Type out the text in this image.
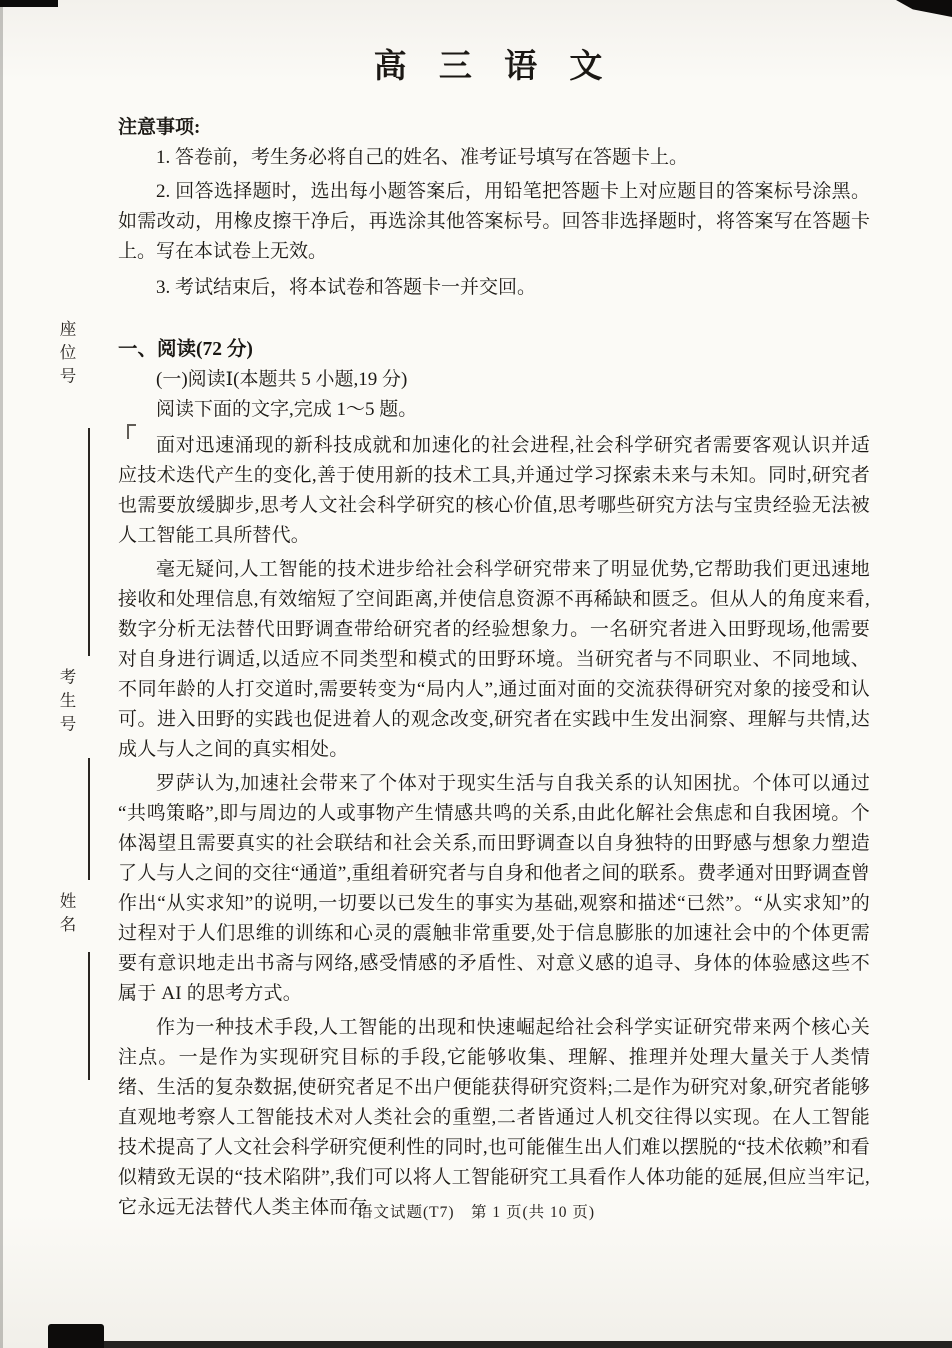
座位号
考生号
姓名
高 三 语 文

注意事项:

1. 答卷前，考生务必将自己的姓名、准考证号填写在答题卡上。

2. 回答选择题时，选出每小题答案后，用铅笔把答题卡上对应题目的答案标号涂黑。如需改动，用橡皮擦干净后，再选涂其他答案标号。回答非选择题时，将答案写在答题卡上。写在本试卷上无效。

3. 考试结束后，将本试卷和答题卡一并交回。

一、阅读(72 分)

(一)阅读Ⅰ(本题共 5 小题,19 分)

阅读下面的文字,完成 1～5 题。

面对迅速涌现的新科技成就和加速化的社会进程,社会科学研究者需要客观认识并适应技术迭代产生的变化,善于使用新的技术工具,并通过学习探索未来与未知。同时,研究者也需要放缓脚步,思考人文社会科学研究的核心价值,思考哪些研究方法与宝贵经验无法被人工智能工具所替代。

毫无疑问,人工智能的技术进步给社会科学研究带来了明显优势,它帮助我们更迅速地接收和处理信息,有效缩短了空间距离,并使信息资源不再稀缺和匮乏。但从人的角度来看,数字分析无法替代田野调查带给研究者的经验想象力。一名研究者进入田野现场,他需要对自身进行调适,以适应不同类型和模式的田野环境。当研究者与不同职业、不同地域、不同年龄的人打交道时,需要转变为“局内人”,通过面对面的交流获得研究对象的接受和认可。进入田野的实践也促进着人的观念改变,研究者在实践中生发出洞察、理解与共情,达成人与人之间的真实相处。

罗萨认为,加速社会带来了个体对于现实生活与自我关系的认知困扰。个体可以通过“共鸣策略”,即与周边的人或事物产生情感共鸣的关系,由此化解社会焦虑和自我困境。个体渴望且需要真实的社会联结和社会关系,而田野调查以自身独特的田野感与想象力塑造了人与人之间的交往“通道”,重组着研究者与自身和他者之间的联系。费孝通对田野调查曾作出“从实求知”的说明,一切要以已发生的事实为基础,观察和描述“已然”。“从实求知”的过程对于人们思维的训练和心灵的震触非常重要,处于信息膨胀的加速社会中的个体更需要有意识地走出书斋与网络,感受情感的矛盾性、对意义感的追寻、身体的体验感这些不属于 AI 的思考方式。

作为一种技术手段,人工智能的出现和快速崛起给社会科学实证研究带来两个核心关注点。一是作为实现研究目标的手段,它能够收集、理解、推理并处理大量关于人类情绪、生活的复杂数据,使研究者足不出户便能获得研究资料;二是作为研究对象,研究者能够直观地考察人工智能技术对人类社会的重塑,二者皆通过人机交往得以实现。在人工智能技术提高了人文社会科学研究便利性的同时,也可能催生出人们难以摆脱的“技术依赖”和看似精致无误的“技术陷阱”,我们可以将人工智能研究工具看作人体功能的延展,但应当牢记,它永远无法替代人类主体而存

语文试题(T7)　第 1 页(共 10 页)
